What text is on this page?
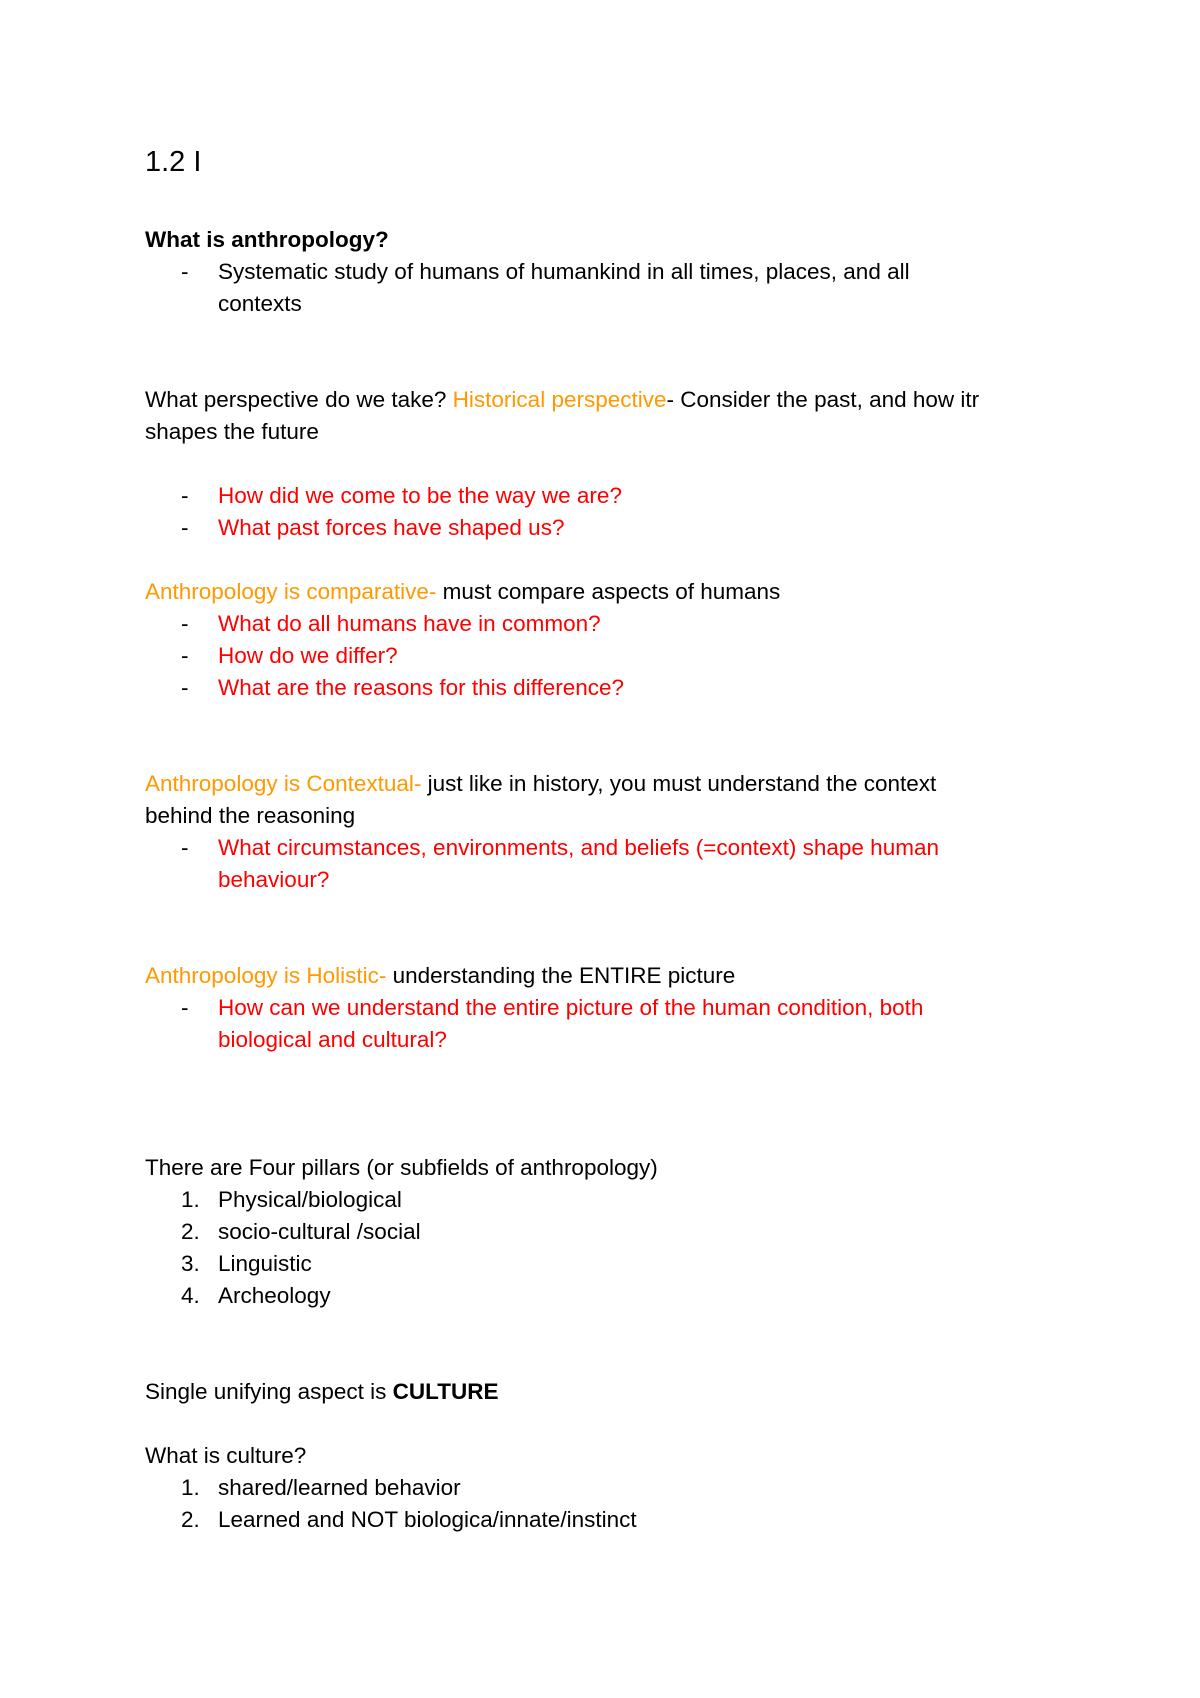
1.2 I
What is anthropology?
- Systematic study of humans of humankind in all times, places, and all
contexts
What perspective do we take? Historical perspective- Consider the past, and how itr
shapes the future
- How did we come to be the way we are?
- What past forces have shaped us?
Anthropology is comparative- must compare aspects of humans
- What do all humans have in common?
- How do we differ?
- What are the reasons for this difference?
Anthropology is Contextual- just like in history, you must understand the context
behind the reasoning
- What circumstances, environments, and beliefs (=context) shape human
behaviour?
Anthropology is Holistic- understanding the ENTIRE picture
- How can we understand the entire picture of the human condition, both
biological and cultural?
There are Four pillars (or subfields of anthropology)
1. Physical/biological
2. socio-cultural /social
3. Linguistic
4. Archeology
Single unifying aspect is CULTURE
What is culture?
1. shared/learned behavior
2. Learned and NOT biologica/innate/instinct
